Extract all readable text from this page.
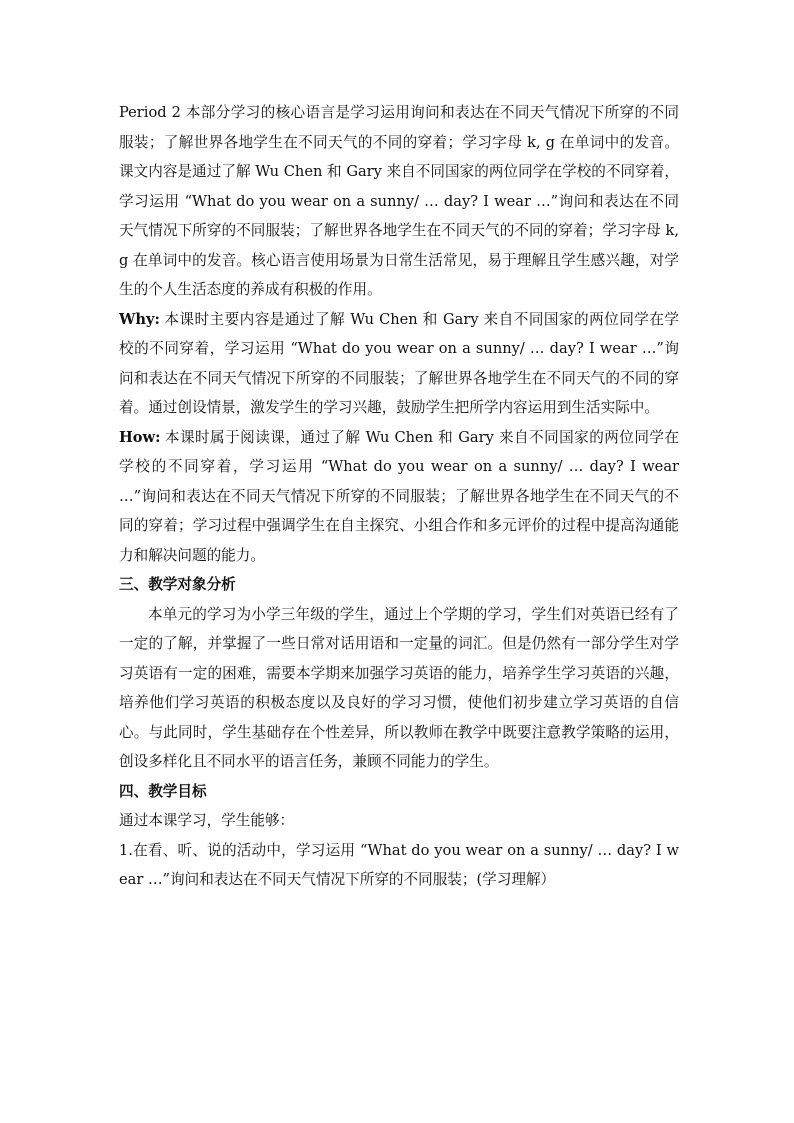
Period 2 本部分学习的核心语言是学习运用询问和表达在不同天气情况下所穿的不同服装；了解世界各地学生在不同天气的不同的穿着；学习字母 k, g 在单词中的发音。课文内容是通过了解 Wu Chen 和 Gary 来自不同国家的两位同学在学校的不同穿着，学习运用 “What do you wear on a sunny/ … day? I wear …”询问和表达在不同天气情况下所穿的不同服装；了解世界各地学生在不同天气的不同的穿着；学习字母 k, g 在单词中的发音。核心语言使用场景为日常生活常见，易于理解且学生感兴趣，对学生的个人生活态度的养成有积极的作用。

Why: 本课时主要内容是通过了解 Wu Chen 和 Gary 来自不同国家的两位同学在学校的不同穿着，学习运用 “What do you wear on a sunny/ … day? I wear …”询问和表达在不同天气情况下所穿的不同服装；了解世界各地学生在不同天气的不同的穿着。通过创设情景，激发学生的学习兴趣，鼓励学生把所学内容运用到生活实际中。

How: 本课时属于阅读课，通过了解 Wu Chen 和 Gary 来自不同国家的两位同学在学校的不同穿着，学习运用 “What do you wear on a sunny/ … day? I wear …”询问和表达在不同天气情况下所穿的不同服装；了解世界各地学生在不同天气的不同的穿着；学习过程中强调学生在自主探究、小组合作和多元评价的过程中提高沟通能力和解决问题的能力。

三、教学对象分析

本单元的学习为小学三年级的学生，通过上个学期的学习，学生们对英语已经有了一定的了解，并掌握了一些日常对话用语和一定量的词汇。但是仍然有一部分学生对学习英语有一定的困难，需要本学期来加强学习英语的能力，培养学生学习英语的兴趣，培养他们学习英语的积极态度以及良好的学习习惯，使他们初步建立学习英语的自信心。与此同时，学生基础存在个性差异，所以教师在教学中既要注意教学策略的运用，创设多样化且不同水平的语言任务，兼顾不同能力的学生。

四、教学目标

通过本课学习，学生能够：

1.在看、听、说的活动中，学习运用 “What do you wear on a sunny/ … day? I wear …”询问和表达在不同天气情况下所穿的不同服装；(学习理解）
